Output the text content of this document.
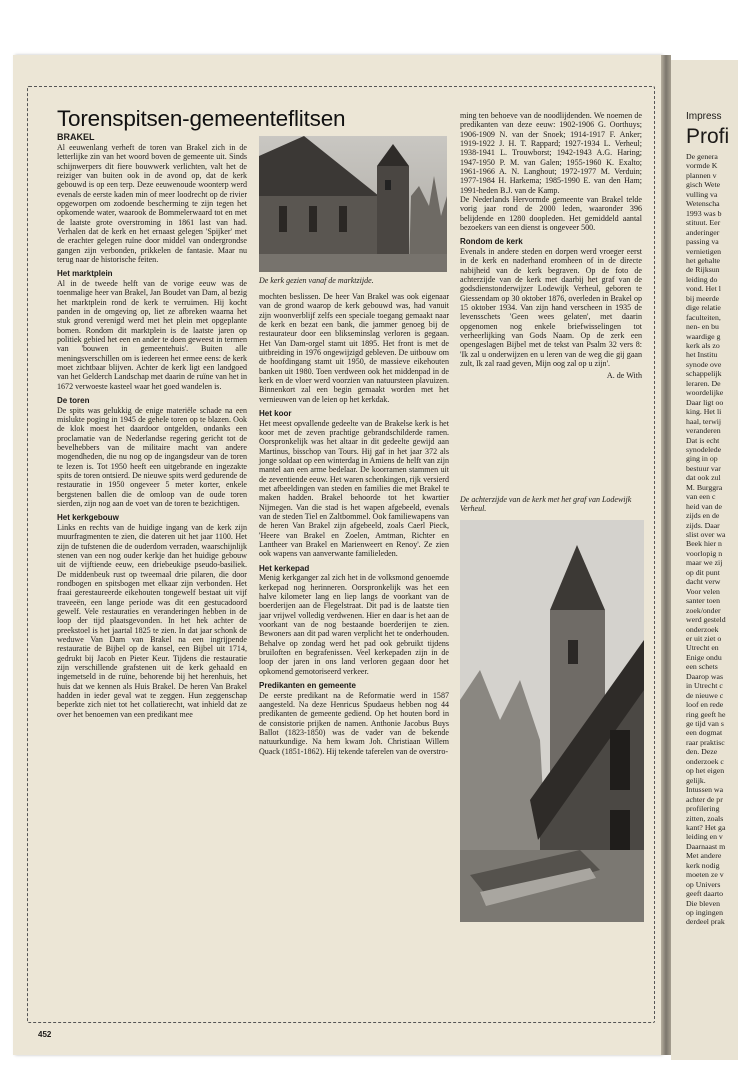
Torenspitsen-gemeenteflitsen
BRAKEL

Al eeuwenlang verheft de toren van Brakel zich in de letterlijke zin van het woord boven de gemeente uit. Sinds schijnwerpers dit fiere bouwwerk verlichten, valt het de reiziger van buiten ook in de avond op, dat de kerk gebouwd is op een terp. Deze eeuwenoude woonterp werd evenals de eerste kaden min of meer loodrecht op de rivier opgeworpen om zodoende bescherming te zijn tegen het opkomende water, waarook de Bommelerwaard tot en met de laatste grote overstroming in 1861 last van had. Verhalen dat de kerk en het ernaast gelegen 'Spijker' met de erachter gelegen ruïne door middel van ondergrondse gangen zijn verbonden, prikkelen de fantasie. Maar nu terug naar de historische feiten.

Het marktplein

Al in de tweede helft van de vorige eeuw was de toenmalige heer van Brakel, Jan Boudet van Dam, al bezig het marktplein rond de kerk te verruimen. Hij kocht panden in de omgeving op, liet ze afbreken waarna het stuk grond verenigd werd met het plein met opgeplante bomen. Rondom dit marktplein is de laatste jaren op politiek gebied het een en ander te doen geweest in termen van 'bouwen in gemeentehuis'. Buiten alle meningsverschillen om is iedereen het ermee eens: de kerk moet zichtbaar blijven. Achter de kerk ligt een landgoed van het Gelderch Landschap met daarin de ruïne van het in 1672 verwoeste kasteel waar het goed wandelen is.

De toren

De spits was gelukkig de enige materiële schade na een mislukte poging in 1945 de gehele toren op te blazen. Ook de klok moest het daardoor ontgelden, ondanks een proclamatie van de Nederlandse regering gericht tot de bevelhebbers van de militaire macht van andere mogendheden, die nu nog op de ingangsdeur van de toren te lezen is. Tot 1950 heeft een uitgebrande en ingezakte spits de toren ontsierd. De nieuwe spits werd gedurende de restauratie in 1950 ongeveer 5 meter korter, enkele bergstenen ballen die de omloop van de oude toren sierden, zijn nog aan de voet van de toren te bezichtigen.

Het kerkgebouw

Links en rechts van de huidige ingang van de kerk zijn muurfragmenten te zien, die dateren uit het jaar 1100. Het zijn de tufstenen die de ouderdom verraden, waarschijnlijk stenen van een nog ouder kerkje dan het huidige gebouw uit de vijftiende eeuw, een driebeukige pseudo-basiliek. De middenbeuk rust op tweemaal drie pilaren, die door rondbogen en spitsbogen met elkaar zijn verbonden. Het fraai gerestaureerde eikehouten tongewelf bestaat uit vijf traveeën, een lange periode was dit een gestucadoord gewelf. Vele restauraties en veranderingen hebben in de loop der tijd plaatsgevonden. In het hek achter de preekstoel is het jaartal 1825 te zien. In dat jaar schonk de weduwe Van Dam van Brakel na een ingrijpende restauratie de Bijbel op de kansel, een Bijbel uit 1714, gedrukt bij Jacob en Pieter Keur. Tijdens die restauratie zijn verschillende grafstenen uit de kerk gehaald en ingemetseld in de ruïne, behorende bij het herenhuis, het huis dat we kennen als Huis Brakel. De heren Van Brakel hadden in ieder geval wat te zeggen. Hun zeggenschap beperkte zich niet tot het collatierecht, wat inhield dat ze over het benoemen van een predikant mee

De kerk gezien vanaf de marktzijde.

mochten beslissen. De heer Van Brakel was ook eigenaar van de grond waarop de kerk gebouwd was, had vanuit zijn woonverblijf zelfs een speciale toegang gemaakt naar de kerk en bezat een bank, die jammer genoeg bij de restaurateur door een blikseminslag verloren is gegaan. Het Van Dam-orgel stamt uit 1895. Het front is met de uitbreiding in 1976 ongewijzigd gebleven. De uitbouw om de hoofdingang stamt uit 1950, de massieve eikehouten banken uit 1980. Toen verdween ook het middenpad in de kerk en de vloer werd voorzien van natuursteen plavuizen. Binnenkort zal een begin gemaakt worden met het vernieuwen van de leien op het kerkdak.

Het koor

Het meest opvallende gedeelte van de Brakelse kerk is het koor met de zeven prachtige gebrandschilderde ramen. Oorspronkelijk was het altaar in dit gedeelte gewijd aan Martinus, bisschop van Tours. Hij gaf in het jaar 372 als jonge soldaat op een winterdag in Amiens de helft van zijn mantel aan een arme bedelaar. De koorramen stammen uit de zeventiende eeuw. Het waren schenkingen, rijk versierd met afbeeldingen van steden en families die met Brakel te maken hadden. Brakel behoorde tot het kwartier Nijmegen. Van die stad is het wapen afgebeeld, evenals van de steden Tiel en Zaltbommel. Ook familiewapens van de heren Van Brakel zijn afgebeeld, zoals Caerl Pieck, 'Heere van Brakel en Zoelen, Amtman, Richter en Lantheer van Brakel en Marienweert en Renoy'. Ze zien ook wapens van aanverwante familieleden.

Het kerkepad

Menig kerkganger zal zich het in de volksmond genoemde kerkepad nog herinneren. Oorspronkelijk was het een halve kilometer lang en liep langs de voorkant van de boerderijen aan de Flegelstraat. Dit pad is de laatste tien jaar vrijwel volledig verdwenen. Hier en daar is het aan de voorkant van de nog bestaande boerderijen te zien. Bewoners aan dit pad waren verplicht het te onderhouden. Behalve op zondag werd het pad ook gebruikt tijdens bruiloften en begrafenissen. Veel kerkepaden zijn in de loop der jaren in ons land verloren gegaan door het opkomend gemotoriseerd verkeer.

Predikanten en gemeente

De eerste predikant na de Reformatie werd in 1587 aangesteld. Na deze Henricus Spudaeus hebben nog 44 predikanten de gemeente gediend. Op het houten bord in de consistorie prijken de namen. Anthonie Jacobus Buys Ballot (1823-1850) was de vader van de bekende natuurkundige. Na hem kwam Joh. Christiaan Willem Quack (1851-1862). Hij tekende taferelen van de overstro-

ming ten behoeve van de noodlijdenden. We noemen de predikanten van deze eeuw: 1902-1906 G. Oorthuys; 1906-1909 N. van der Snoek; 1914-1917 F. Anker; 1919-1922 J. H. T. Rappard; 1927-1934 L. Verheul; 1938-1941 L. Trouwborst; 1942-1943 A.G. Haring; 1947-1950 P. M. van Galen; 1955-1960 K. Exalto; 1961-1966 A. N. Langhout; 1972-1977 M. Verduin; 1977-1984 H. Harkema; 1985-1990 E. van den Ham; 1991-heden B.J. van de Kamp.

De Nederlands Hervormde gemeente van Brakel telde vorig jaar rond de 2000 leden, waaronder 396 belijdende en 1280 doopleden. Het gemiddeld aantal bezoekers van een dienst is ongeveer 500.

Rondom de kerk

Evenals in andere steden en dorpen werd vroeger eerst in de kerk en naderhand eromheen of in de directe nabijheid van de kerk begraven. Op de foto de achterzijde van de kerk met daarbij het graf van de godsdienstonderwijzer Lodewijk Verheul, geboren te Giessendam op 30 oktober 1876, overleden in Brakel op 15 oktober 1934. Van zijn hand verscheen in 1935 de levensschets 'Geen wees gelaten', met daarin opgenomen nog enkele briefwisselingen tot verheerlijking van Gods Naam. Op de zerk een opengeslagen Bijbel met de tekst van Psalm 32 vers 8: 'Ik zal u onderwijzen en u leren van de weg die gij gaan zult, Ik zal raad geven, Mijn oog zal op u zijn'.

A. de With

De achterzijde van de kerk met het graf van Lodewijk Verheul.
452
Impress
Profi
De genera
vormde K
plannen v
gisch Wete
vulling va
Wetenscha
1993 was b
stituut. Eer
anderinger
passing va
vernietigen
het gehalte
de Rijksun
leiding do
vond. Het l
bij meerde
dige relatie
faculteiten,
nen- en bu
waardige g
kerk als zo
het Institu
synode ove
schappelijk
leraren. De
woordelijke
Daar ligt oo
king. Het li
haal, terwij
veranderen
Dat is echt
synodelede
ging in op
bestuur var
dat ook zul
M. Burggra
van een c
heid van de
zijds en de
zijds. Daar
slist over wa
Beek hier n
voorlopig n
maar we zij
op dit punt
dacht verw
Voor velen
santer toen
zoek/onder
werd gesteld
onderzoek
er uit ziet o
Utrecht en
Enige ondu
een schets
Daarop was
in Utrecht c
de nieuwe c
loof en rede
ring geeft he
ge tijd van s
een dogmat
raar praktisc
den. Deze
onderzoek c
op het eigen
gelijk.
Intussen wa
achter de pr
profilering
zitten, zoals
kant? Het ga
leiding en v
Daarnaast m
Met andere
kerk nodig
moeten ze v
op Univers
geeft daarto
Die bleven
op ingingen
derdeel prak
